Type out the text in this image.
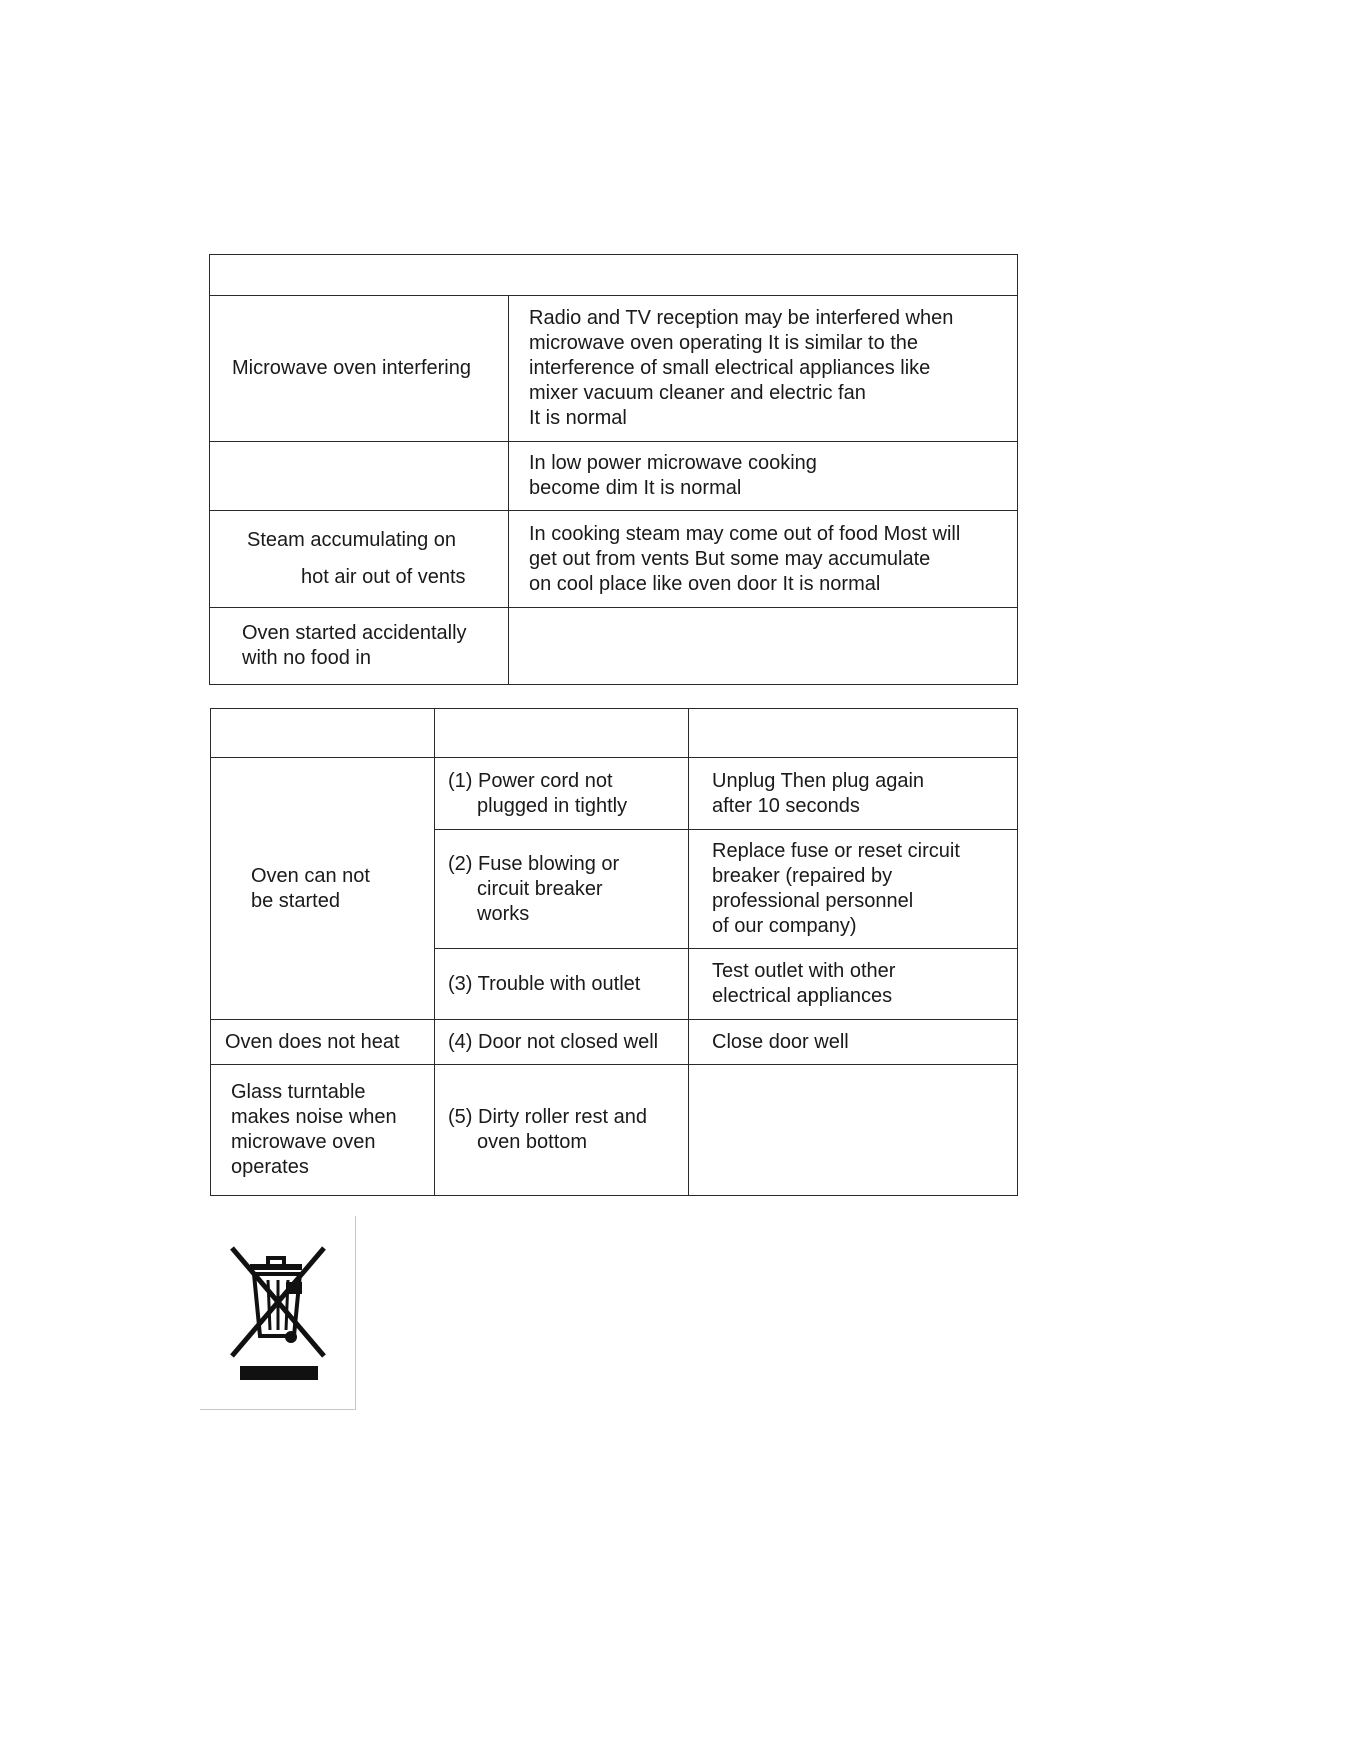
Microwave oven interfering	Radio and TV reception may be interfered when
microwave oven operating It is similar to the
interference of small electrical appliances like
mixer vacuum cleaner and electric fan
It is normal

	In low power microwave cooking
become dim It is normal

Steam accumulating on
hot air out of vents	In cooking steam may come out of food Most will
get out from vents But some may accumulate
on cool place like oven door It is normal

Oven started accidentally
with no food in	

Oven can not
be started	(1) Power cord not
plugged in tightly	Unplug Then plug again
after 10 seconds

	(2) Fuse blowing or
circuit breaker
works	Replace fuse or reset circuit
breaker (repaired by
professional personnel
of our company)

	(3) Trouble with outlet	Test outlet with other
electrical appliances

Oven does not heat	(4) Door not closed well	Close door well

Glass turntable
makes noise when
microwave oven
operates	(5) Dirty roller rest and
oven bottom	
